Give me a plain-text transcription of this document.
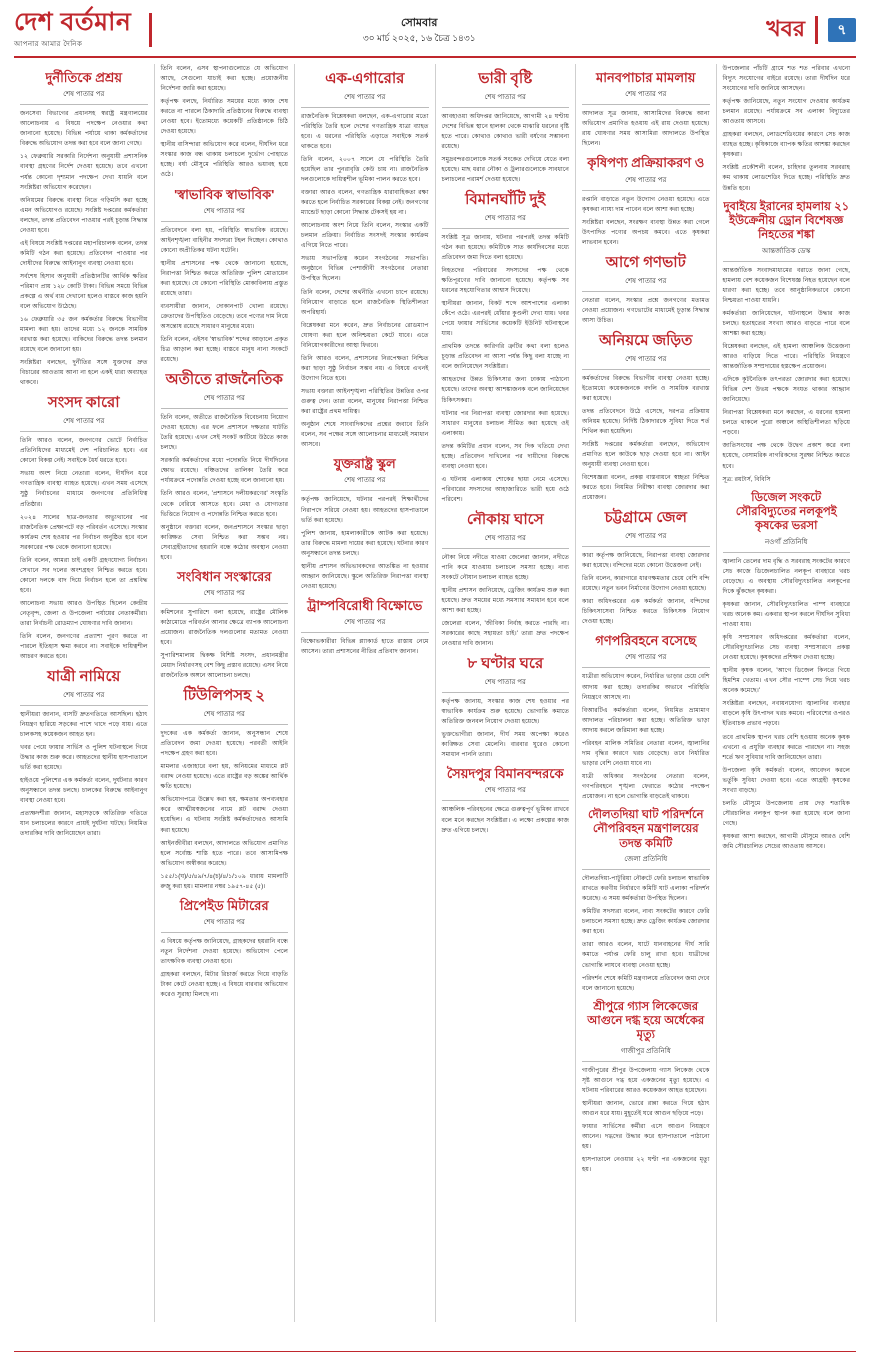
দেশ বর্তমান
আপনার আমার দৈনিক
সোমবার
৩০ মার্চ ২০২৫, ১৬ চৈত্র ১৪৩১	খবর	৭
দুর্নীতিকে প্রশ্রয়
শেষ পাতার পর

জনসেবা বিভাগের প্রধানসহ স্বরাষ্ট্র মন্ত্রণালয়ের আলোচনায় এ বিষয়ে পদক্ষেপ নেওয়ার কথা জানানো হয়েছে। বিভিন্ন পর্যায়ে থাকা কর্মকর্তাদের বিরুদ্ধে অভিযোগ তদন্ত করা হবে বলে জানা গেছে।

১২ ফেব্রুয়ারি সরকারি নির্দেশনা অনুযায়ী প্রশাসনিক ব্যবস্থা গ্রহণের নির্দেশ দেওয়া হয়েছে। তবে এখনো পর্যন্ত কোনো দৃশ্যমান পদক্ষেপ দেখা যায়নি বলে সংশ্লিষ্টরা অভিযোগ করেছেন।

অনিয়মের বিরুদ্ধে ব্যবস্থা নিতে গড়িমসি করা হচ্ছে এমন অভিযোগও রয়েছে। সংশ্লিষ্ট দপ্তরের কর্মকর্তারা বলছেন, তদন্ত প্রতিবেদন পাওয়ার পরই চূড়ান্ত সিদ্ধান্ত নেওয়া হবে।

এই বিষয়ে সংশ্লিষ্ট দপ্তরের মহাপরিচালক বলেন, তদন্ত কমিটি গঠন করা হয়েছে। প্রতিবেদন পাওয়ার পর দোষীদের বিরুদ্ধে আইনানুগ ব্যবস্থা নেওয়া হবে।

সর্বশেষ হিসাব অনুযায়ী প্রতিষ্ঠানটির আর্থিক ক্ষতির পরিমাণ প্রায় ১২৮ কোটি টাকা। বিভিন্ন সময়ে বিভিন্ন প্রকল্পে এ অর্থ ব্যয় দেখানো হলেও বাস্তবে কাজ হয়নি বলে অভিযোগ উঠেছে।

১৬ ফেব্রুয়ারি ৩৫ জন কর্মকর্তার বিরুদ্ধে বিভাগীয় মামলা করা হয়। তাদের মধ্যে ১২ জনকে সাময়িক বরখাস্ত করা হয়েছে। বাকিদের বিরুদ্ধে তদন্ত চলমান রয়েছে বলে জানানো হয়।

সংশ্লিষ্টরা বলছেন, দুর্নীতির সঙ্গে যুক্তদের দ্রুত বিচারের আওতায় আনা না হলে একই ধারা অব্যাহত থাকবে।

সংসদ কারো
শেষ পাতার পর

তিনি আরও বলেন, জনগণের ভোটে নির্বাচিত প্রতিনিধিদের মাধ্যমেই দেশ পরিচালিত হবে। এর কোনো বিকল্প নেই। সবাইকে ধৈর্য ধরতে হবে।

সভায় অংশ নিয়ে নেতারা বলেন, দীর্ঘদিন ধরে গণতান্ত্রিক ব্যবস্থা ব্যাহত হয়েছে। এখন সময় এসেছে সুষ্ঠু নির্বাচনের মাধ্যমে জনগণের প্রতিনিধিত্ব প্রতিষ্ঠার।

২০২৪ সালের ছাত্র-জনতার অভ্যুত্থানের পর রাজনৈতিক প্রেক্ষাপটে বড় পরিবর্তন এসেছে। সংস্কার কার্যক্রম শেষ হওয়ার পর নির্বাচন অনুষ্ঠিত হবে বলে সরকারের পক্ষ থেকে জানানো হয়েছে।

তিনি বলেন, আমরা চাই একটি গ্রহণযোগ্য নির্বাচন। সেখানে সব দলের অংশগ্রহণ নিশ্চিত করতে হবে। কোনো দলকে বাদ দিয়ে নির্বাচন হলে তা প্রশ্নবিদ্ধ হবে।

আলোচনা সভায় আরও উপস্থিত ছিলেন কেন্দ্রীয় নেতৃবৃন্দ, জেলা ও উপজেলা পর্যায়ের নেতাকর্মীরা। তারা নির্বাচনী রোডম্যাপ ঘোষণার দাবি জানান।

তিনি বলেন, জনগণের প্রত্যাশা পূরণ করতে না পারলে ইতিহাস ক্ষমা করবে না। সবাইকে দায়িত্বশীল আচরণ করতে হবে।

যাত্রী নামিয়ে
শেষ পাতার পর

স্থানীয়রা জানান, বাসটি দ্রুতগতিতে আসছিল। হঠাৎ নিয়ন্ত্রণ হারিয়ে সড়কের পাশে খাদে পড়ে যায়। এতে চালকসহ কয়েকজন আহত হন।

খবর পেয়ে ফায়ার সার্ভিস ও পুলিশ ঘটনাস্থলে গিয়ে উদ্ধার কাজ শুরু করে। আহতদের স্থানীয় হাসপাতালে ভর্তি করা হয়েছে।

হাইওয়ে পুলিশের এক কর্মকর্তা বলেন, দুর্ঘটনার কারণ অনুসন্ধানে তদন্ত চলছে। চালকের বিরুদ্ধে আইনানুগ ব্যবস্থা নেওয়া হবে।

প্রত্যক্ষদর্শীরা জানান, মহাসড়কে অতিরিক্ত গতিতে যান চলাচলের কারণে প্রায়ই দুর্ঘটনা ঘটছে। নিয়মিত তদারকির দাবি জানিয়েছেন তারা।

তিনি বলেন, এসব স্থাপনাগুলোতে যে অভিযোগ আছে, সেগুলো যাচাই করা হচ্ছে। প্রয়োজনীয় নির্দেশনা জারি করা হয়েছে।

কর্তৃপক্ষ বলছে, নির্ধারিত সময়ের মধ্যে কাজ শেষ করতে না পারলে ঠিকাদারি প্রতিষ্ঠানের বিরুদ্ধে ব্যবস্থা নেওয়া হবে। ইতোমধ্যে কয়েকটি প্রতিষ্ঠানকে চিঠি দেওয়া হয়েছে।

স্থানীয় বাসিন্দারা অভিযোগ করে বলেন, দীর্ঘদিন ধরে সংস্কার কাজ বন্ধ থাকায় চলাচলে দুর্ভোগ পোহাতে হচ্ছে। বর্ষা মৌসুমে পরিস্থিতি আরও ভয়াবহ হয়ে ওঠে।

'স্বাভাবিক স্বাভাবিক'
শেষ পাতার পর

প্রতিবেদনে বলা হয়, পরিস্থিতি স্বাভাবিক রয়েছে। আইনশৃঙ্খলা বাহিনীর সদস্যরা টহল দিচ্ছেন। কোথাও কোনো অপ্রীতিকর ঘটনা ঘটেনি।

স্থানীয় প্রশাসনের পক্ষ থেকে জানানো হয়েছে, নিরাপত্তা নিশ্চিত করতে অতিরিক্ত পুলিশ মোতায়েন করা হয়েছে। যে কোনো পরিস্থিতি মোকাবিলায় প্রস্তুত রয়েছে তারা।

ব্যবসায়ীরা জানান, দোকানপাট খোলা রয়েছে। ক্রেতাদের উপস্থিতিও বেড়েছে। তবে পণ্যের দাম নিয়ে অসন্তোষ রয়েছে সাধারণ মানুষের মধ্যে।

তিনি বলেন, এইসব 'স্বাভাবিক' শব্দের আড়ালে প্রকৃত চিত্র আড়াল করা হচ্ছে। বাস্তবে মানুষ নানা সংকটে রয়েছে।

অতীতে রাজনৈতিক
শেষ পাতার পর

তিনি বলেন, অতীতে রাজনৈতিক বিবেচনায় নিয়োগ দেওয়া হয়েছে। এর ফলে প্রশাসনে দক্ষতার ঘাটতি তৈরি হয়েছে। এখন সেই সংকট কাটিয়ে উঠতে কাজ চলছে।

সরকারি কর্মকর্তাদের মধ্যে পদোন্নতি নিয়ে দীর্ঘদিনের ক্ষোভ রয়েছে। বঞ্চিতদের তালিকা তৈরি করে পর্যায়ক্রমে পদোন্নতি দেওয়া হচ্ছে বলে জানানো হয়।

তিনি আরও বলেন, 'প্রশাসনে দলীয়করণের' সংস্কৃতি থেকে বেরিয়ে আসতে হবে। মেধা ও যোগ্যতার ভিত্তিতে নিয়োগ ও পদোন্নতি নিশ্চিত করতে হবে।

অনুষ্ঠানে বক্তারা বলেন, জনপ্রশাসনে সংস্কার ছাড়া কাঙ্ক্ষিত সেবা নিশ্চিত করা সম্ভব নয়। সেবাগ্রহীতাদের হয়রানি বন্ধে কঠোর অবস্থান নেওয়া হবে।

সংবিধান সংস্কারের
শেষ পাতার পর

কমিশনের সুপারিশে বলা হয়েছে, রাষ্ট্রের মৌলিক কাঠামোতে পরিবর্তন আনার ক্ষেত্রে ব্যাপক আলোচনা প্রয়োজন। রাজনৈতিক দলগুলোর মতামত নেওয়া হবে।

সুপারিশমালায় দ্বিকক্ষ বিশিষ্ট সংসদ, প্রধানমন্ত্রীর মেয়াদ নির্ধারণসহ বেশ কিছু প্রস্তাব রয়েছে। এসব নিয়ে রাজনৈতিক অঙ্গনে আলোচনা চলছে।

টিউলিপসহ ২
শেষ পাতার পর

দুদকের এক কর্মকর্তা জানান, অনুসন্ধান শেষে প্রতিবেদন জমা দেওয়া হয়েছে। পরবর্তী আইনি পদক্ষেপ গ্রহণ করা হবে।

মামলার এজাহারে বলা হয়, অনিয়মের মাধ্যমে প্লট বরাদ্দ নেওয়া হয়েছে। এতে রাষ্ট্রের বড় অঙ্কের আর্থিক ক্ষতি হয়েছে।

অভিযোগপত্রে উল্লেখ করা হয়, ক্ষমতার অপব্যবহার করে আত্মীয়স্বজনের নামে প্লট বরাদ্দ দেওয়া হয়েছিল। এ ঘটনায় সংশ্লিষ্ট কর্মকর্তাদেরও আসামি করা হয়েছে।

আইনজীবীরা বলছেন, আদালতে অভিযোগ প্রমাণিত হলে সর্বোচ্চ শাস্তি হতে পারে। তবে আসামিপক্ষ অভিযোগ অস্বীকার করেছে।

১৫৫/১(ঘ)/৫/৪৯/৭/৪(চ)/৪/১/১০৯ ধারায় মামলাটি রুজু করা হয়। মামলার নম্বর ১৯৫৭-৪৫ (৫)।

প্রিপেইড মিটারের
শেষ পাতার পর

এ বিষয়ে কর্তৃপক্ষ জানিয়েছে, গ্রাহকদের হয়রানি বন্ধে নতুন নির্দেশনা দেওয়া হয়েছে। অভিযোগ পেলে তাৎক্ষণিক ব্যবস্থা নেওয়া হবে।

গ্রাহকরা বলছেন, মিটার রিচার্জ করতে গিয়ে বাড়তি টাকা কেটে নেওয়া হচ্ছে। এ বিষয়ে বারবার অভিযোগ করেও সুরাহা মিলছে না।

এক-এগারোর
শেষ পাতার পর

রাজনৈতিক বিশ্লেষকরা বলছেন, এক-এগারোর মতো পরিস্থিতি তৈরি হলে দেশের গণতান্ত্রিক যাত্রা ব্যাহত হবে। এ ধরনের পরিস্থিতি এড়াতে সবাইকে সতর্ক থাকতে হবে।

তিনি বলেন, ২০০৭ সালে যে পরিস্থিতি তৈরি হয়েছিল তার পুনরাবৃত্তি কেউ চায় না। রাজনৈতিক দলগুলোকে দায়িত্বশীল ভূমিকা পালন করতে হবে।

বক্তারা আরও বলেন, গণতান্ত্রিক ধারাবাহিকতা রক্ষা করতে হলে নির্বাচিত সরকারের বিকল্প নেই। জনগণের ম্যান্ডেট ছাড়া কোনো সিদ্ধান্ত টেকসই হয় না।

আলোচনায় অংশ নিয়ে তিনি বলেন, সংস্কার একটি চলমান প্রক্রিয়া। নির্বাচিত সংসদই সংস্কার কার্যক্রম এগিয়ে নিতে পারে।

সভায় সভাপতিত্ব করেন সংগঠনের সভাপতি। অনুষ্ঠানে বিভিন্ন পেশাজীবী সংগঠনের নেতারা উপস্থিত ছিলেন।

তিনি বলেন, দেশের অর্থনীতি এখনো চাপে রয়েছে। বিনিয়োগ বাড়াতে হলে রাজনৈতিক স্থিতিশীলতা অপরিহার্য।

বিশ্লেষকরা মনে করেন, দ্রুত নির্বাচনের রোডম্যাপ ঘোষণা করা হলে অনিশ্চয়তা কেটে যাবে। এতে বিনিয়োগকারীদের আস্থা ফিরবে।

তিনি আরও বলেন, প্রশাসনের নিরপেক্ষতা নিশ্চিত করা ছাড়া সুষ্ঠু নির্বাচন সম্ভব নয়। এ বিষয়ে এখনই উদ্যোগ নিতে হবে।

সভায় বক্তারা আইনশৃঙ্খলা পরিস্থিতির উন্নতির ওপর গুরুত্ব দেন। তারা বলেন, মানুষের নিরাপত্তা নিশ্চিত করা রাষ্ট্রের প্রথম দায়িত্ব।

অনুষ্ঠান শেষে সাংবাদিকদের প্রশ্নের জবাবে তিনি বলেন, সব পক্ষের সঙ্গে আলোচনার মাধ্যমেই সমাধান আসবে।

যুক্তরাষ্ট্র স্কুল
শেষ পাতার পর

কর্তৃপক্ষ জানিয়েছে, ঘটনার পরপরই শিক্ষার্থীদের নিরাপদে সরিয়ে নেওয়া হয়। আহতদের হাসপাতালে ভর্তি করা হয়েছে।

পুলিশ জানায়, হামলাকারীকে আটক করা হয়েছে। তার বিরুদ্ধে মামলা দায়ের করা হয়েছে। ঘটনার কারণ অনুসন্ধানে তদন্ত চলছে।

স্থানীয় প্রশাসন অভিভাবকদের আতঙ্কিত না হওয়ার আহ্বান জানিয়েছে। স্কুলে অতিরিক্ত নিরাপত্তা ব্যবস্থা নেওয়া হয়েছে।

ট্রাম্পবিরোধী বিক্ষোভে
শেষ পাতার পর

বিক্ষোভকারীরা বিভিন্ন প্ল্যাকার্ড হাতে রাস্তায় নেমে আসেন। তারা প্রশাসনের নীতির প্রতিবাদ জানান।

ভারী বৃষ্টি
শেষ পাতার পর

আবহাওয়া অধিদপ্তর জানিয়েছে, আগামী ২৪ ঘণ্টায় দেশের বিভিন্ন স্থানে হালকা থেকে মাঝারি ধরনের বৃষ্টি হতে পারে। কোথাও কোথাও ভারী বর্ষণের সম্ভাবনা রয়েছে।

সমুদ্রবন্দরগুলোকে সতর্ক সংকেত দেখিয়ে যেতে বলা হয়েছে। মাছ ধরার নৌকা ও ট্রলারগুলোকে সাবধানে চলাচলের পরামর্শ দেওয়া হয়েছে।

বিমানঘাঁটি দুই
শেষ পাতার পর

সংশ্লিষ্ট সূত্র জানায়, ঘটনার পরপরই তদন্ত কমিটি গঠন করা হয়েছে। কমিটিকে সাত কার্যদিবসের মধ্যে প্রতিবেদন জমা দিতে বলা হয়েছে।

নিহতদের পরিবারের সদস্যদের পক্ষ থেকে ক্ষতিপূরণের দাবি জানানো হয়েছে। কর্তৃপক্ষ সব ধরনের সহযোগিতার আশ্বাস দিয়েছে।

স্থানীয়রা জানান, বিকট শব্দে আশপাশের এলাকা কেঁপে ওঠে। এরপরই ধোঁয়ার কুণ্ডলী দেখা যায়। খবর পেয়ে ফায়ার সার্ভিসের কয়েকটি ইউনিট ঘটনাস্থলে যায়।

প্রাথমিক তদন্তে কারিগরি ত্রুটির কথা বলা হলেও চূড়ান্ত প্রতিবেদন না আসা পর্যন্ত কিছু বলা যাচ্ছে না বলে জানিয়েছেন সংশ্লিষ্টরা।

আহতদের উন্নত চিকিৎসার জন্য ঢাকায় পাঠানো হয়েছে। তাদের অবস্থা আশঙ্কাজনক বলে জানিয়েছেন চিকিৎসকরা।

ঘটনার পর নিরাপত্তা ব্যবস্থা জোরদার করা হয়েছে। সাধারণ মানুষের চলাচল সীমিত করা হয়েছে ওই এলাকায়।

তদন্ত কমিটির প্রধান বলেন, সব দিক খতিয়ে দেখা হচ্ছে। প্রতিবেদন দাখিলের পর দায়ীদের বিরুদ্ধে ব্যবস্থা নেওয়া হবে।

এ ঘটনায় এলাকায় শোকের ছায়া নেমে এসেছে। পরিবারের সদস্যদের আহাজারিতে ভারী হয়ে ওঠে পরিবেশ।

নৌকায় ঘাসে
শেষ পাতার পর

নৌকা নিয়ে নদীতে যাওয়া জেলেরা জানান, নদীতে পানি কমে যাওয়ায় চলাচলে সমস্যা হচ্ছে। নাব্য সংকটে নৌযান চলাচল ব্যাহত হচ্ছে।

স্থানীয় প্রশাসন জানিয়েছে, ড্রেজিং কার্যক্রম শুরু করা হয়েছে। দ্রুত সময়ের মধ্যে সমস্যার সমাধান হবে বলে আশা করা হচ্ছে।

জেলেরা বলেন, 'জীবিকা নির্বাহ করতে পারছি না। সরকারের কাছে সহায়তা চাই।' তারা দ্রুত পদক্ষেপ নেওয়ার দাবি জানান।

৮ ঘণ্টার ঘরে
শেষ পাতার পর

কর্তৃপক্ষ জানায়, সংস্কার কাজ শেষ হওয়ার পর স্বাভাবিক কার্যক্রম শুরু হয়েছে। ভোগান্তি কমাতে অতিরিক্ত জনবল নিয়োগ দেওয়া হয়েছে।

ভুক্তভোগীরা জানান, দীর্ঘ সময় অপেক্ষা করেও কাঙ্ক্ষিত সেবা মেলেনি। বারবার ঘুরেও কোনো সমাধান পাননি তারা।

সৈয়দপুর বিমানবন্দরকে
শেষ পাতার পর

আঞ্চলিক পরিবহনের ক্ষেত্রে গুরুত্বপূর্ণ ভূমিকা রাখবে বলে মনে করছেন সংশ্লিষ্টরা। এ লক্ষ্যে প্রকল্পের কাজ দ্রুত এগিয়ে চলছে।

মানবপাচার মামলায়
শেষ পাতার পর

আদালত সূত্র জানায়, আসামিদের বিরুদ্ধে আনা অভিযোগ প্রমাণিত হওয়ায় এই রায় দেওয়া হয়েছে। রায় ঘোষণার সময় আসামিরা আদালতে উপস্থিত ছিলেন।

কৃষিপণ্য প্রক্রিয়াকরণ ও
শেষ পাতার পর

রপ্তানি বাড়াতে নতুন উদ্যোগ নেওয়া হয়েছে। এতে কৃষকরা ন্যায্য দাম পাবেন বলে আশা করা হচ্ছে।

সংশ্লিষ্টরা বলছেন, সংরক্ষণ ব্যবস্থা উন্নত করা গেলে উৎপাদিত পণ্যের অপচয় কমবে। এতে কৃষকরা লাভবান হবেন।

আগে গণভাট
শেষ পাতার পর

নেতারা বলেন, সংস্কার প্রশ্নে জনগণের মতামত নেওয়া প্রয়োজন। গণভোটের মাধ্যমেই চূড়ান্ত সিদ্ধান্ত আসা উচিত।

অনিয়মে জড়িত
শেষ পাতার পর

কর্মকর্তাদের বিরুদ্ধে বিভাগীয় ব্যবস্থা নেওয়া হচ্ছে। ইতোমধ্যে কয়েকজনকে বদলি ও সাময়িক বরখাস্ত করা হয়েছে।

তদন্ত প্রতিবেদনে উঠে এসেছে, দরপত্র প্রক্রিয়ায় অনিয়ম হয়েছে। নির্দিষ্ট ঠিকাদারকে সুবিধা দিতে শর্ত শিথিল করা হয়েছিল।

সংশ্লিষ্ট দপ্তরের কর্মকর্তারা বলছেন, অভিযোগ প্রমাণিত হলে কাউকে ছাড় দেওয়া হবে না। আইন অনুযায়ী ব্যবস্থা নেওয়া হবে।

বিশেষজ্ঞরা বলেন, প্রকল্প বাস্তবায়নে স্বচ্ছতা নিশ্চিত করতে হবে। নিয়মিত নিরীক্ষা ব্যবস্থা জোরদার করা প্রয়োজন।

চট্টগ্রামে জেল
শেষ পাতার পর

কারা কর্তৃপক্ষ জানিয়েছে, নিরাপত্তা ব্যবস্থা জোরদার করা হয়েছে। বন্দিদের মধ্যে কোনো উত্তেজনা নেই।

তিনি বলেন, কারাগারে ধারণক্ষমতার চেয়ে বেশি বন্দি রয়েছে। নতুন ভবন নির্মাণের উদ্যোগ নেওয়া হয়েছে।

কারা অধিদপ্তরের এক কর্মকর্তা জানান, বন্দিদের চিকিৎসাসেবা নিশ্চিত করতে চিকিৎসক নিয়োগ দেওয়া হচ্ছে।

গণপরিবহনে বসেছে
শেষ পাতার পর

যাত্রীরা অভিযোগ করেন, নির্ধারিত ভাড়ার চেয়ে বেশি আদায় করা হচ্ছে। তদারকির অভাবে পরিস্থিতি নিয়ন্ত্রণে আসছে না।

বিআরটিএ কর্মকর্তারা বলেন, নিয়মিত ভ্রাম্যমাণ আদালত পরিচালনা করা হচ্ছে। অতিরিক্ত ভাড়া আদায় করলে জরিমানা করা হচ্ছে।

পরিবহন মালিক সমিতির নেতারা বলেন, জ্বালানির দাম বৃদ্ধির কারণে খরচ বেড়েছে। তবে নির্ধারিত ভাড়ার বেশি নেওয়া যাবে না।

যাত্রী অধিকার সংগঠনের নেতারা বলেন, গণপরিবহনে শৃঙ্খলা ফেরাতে কঠোর পদক্ষেপ প্রয়োজন। না হলে ভোগান্তি বাড়তেই থাকবে।

দৌলতদিয়া ঘাট পরিদর্শনে নৌপরিবহন মন্ত্রণালয়ের তদন্ত কমিটি
জেলা প্রতিনিধি

দৌলতদিয়া-পাটুরিয়া নৌরুটে ফেরি চলাচল স্বাভাবিক রাখতে করণীয় নির্ধারণে কমিটি ঘাট এলাকা পরিদর্শন করেছে। এ সময় কর্মকর্তারা উপস্থিত ছিলেন।

কমিটির সদস্যরা বলেন, নাব্য সংকটের কারণে ফেরি চলাচলে সমস্যা হচ্ছে। দ্রুত ড্রেজিং কার্যক্রম জোরদার করা হবে।

তারা আরও বলেন, ঘাটে যানবাহনের দীর্ঘ সারি কমাতে পর্যাপ্ত ফেরি চালু রাখা হবে। যাত্রীদের ভোগান্তি লাঘবে ব্যবস্থা নেওয়া হচ্ছে।

পরিদর্শন শেষে কমিটি মন্ত্রণালয়ে প্রতিবেদন জমা দেবে বলে জানানো হয়েছে।

শ্রীপুরে গ্যাস লিকেজের আগুনে দগ্ধ হয়ে অর্ধেকের মৃত্যু
গাজীপুর প্রতিনিধি

গাজীপুরের শ্রীপুর উপজেলায় গ্যাস লিকেজ থেকে সৃষ্ট আগুনে দগ্ধ হয়ে একজনের মৃত্যু হয়েছে। এ ঘটনায় পরিবারের আরও কয়েকজন আহত হয়েছেন।

স্থানীয়রা জানান, ভোরে রান্না করতে গিয়ে হঠাৎ আগুন ধরে যায়। মুহূর্তেই ঘরে আগুন ছড়িয়ে পড়ে।

ফায়ার সার্ভিসের কর্মীরা এসে আগুন নিয়ন্ত্রণে আনেন। দগ্ধদের উদ্ধার করে হাসপাতালে পাঠানো হয়।

হাসপাতালে নেওয়ার ২২ ঘণ্টা পর একজনের মৃত্যু হয়।

উপজেলার পাঁচটি গ্রামে শত শত পরিবার এখনো বিদ্যুৎ সংযোগের বাইরে রয়েছে। তারা দীর্ঘদিন ধরে সংযোগের দাবি জানিয়ে আসছেন।

কর্তৃপক্ষ জানিয়েছে, নতুন সংযোগ দেওয়ার কার্যক্রম চলমান রয়েছে। পর্যায়ক্রমে সব এলাকা বিদ্যুতের আওতায় আসবে।

গ্রাহকরা বলছেন, লোডশেডিংয়ের কারণে সেচ কাজ ব্যাহত হচ্ছে। কৃষিকাজে ব্যাপক ক্ষতির আশঙ্কা করছেন কৃষকরা।

সংশ্লিষ্ট প্রকৌশলী বলেন, চাহিদার তুলনায় সরবরাহ কম থাকায় লোডশেডিং দিতে হচ্ছে। পরিস্থিতি দ্রুত উন্নতি হবে।

দুবাইয়ে ইরানের হামলায় ২১ ইউক্রেনীয় ড্রোন বিশেষজ্ঞ নিহতের শঙ্কা
আন্তর্জাতিক ডেস্ক

আন্তর্জাতিক সংবাদমাধ্যমের বরাতে জানা গেছে, হামলায় বেশ কয়েকজন বিশেষজ্ঞ নিহত হয়েছেন বলে ধারণা করা হচ্ছে। তবে আনুষ্ঠানিকভাবে কোনো নিশ্চয়তা পাওয়া যায়নি।

কর্মকর্তারা জানিয়েছেন, ঘটনাস্থলে উদ্ধার কাজ চলছে। হতাহতের সংখ্যা আরও বাড়তে পারে বলে আশঙ্কা করা হচ্ছে।

বিশ্লেষকরা বলছেন, এই হামলা আঞ্চলিক উত্তেজনা আরও বাড়িয়ে দিতে পারে। পরিস্থিতি নিয়ন্ত্রণে আন্তর্জাতিক সম্প্রদায়ের হস্তক্ষেপ প্রয়োজন।

এদিকে কূটনৈতিক তৎপরতা জোরদার করা হয়েছে। বিভিন্ন দেশ উভয় পক্ষকে সংযত থাকার আহ্বান জানিয়েছে।

নিরাপত্তা বিশ্লেষকরা মনে করছেন, এ ধরনের হামলা চলতে থাকলে পুরো অঞ্চলে অস্থিতিশীলতা ছড়িয়ে পড়বে।

জাতিসংঘের পক্ষ থেকে উদ্বেগ প্রকাশ করে বলা হয়েছে, বেসামরিক নাগরিকদের সুরক্ষা নিশ্চিত করতে হবে।

সূত্র: রয়টার্স, বিবিসি

ডিজেল সংকটে সৌরবিদ্যুতের নলকূপই কৃষকের ভরসা
নওগাঁ প্রতিনিধি

জ্বালানি তেলের দাম বৃদ্ধি ও সরবরাহ সংকটের কারণে সেচ কাজে ডিজেলচালিত নলকূপ ব্যবহারে খরচ বেড়েছে। এ অবস্থায় সৌরবিদ্যুৎচালিত নলকূপের দিকে ঝুঁকছেন কৃষকরা।

কৃষকরা জানান, সৌরবিদ্যুৎচালিত পাম্প ব্যবহারে খরচ অনেক কম। একবার স্থাপন করলে দীর্ঘদিন সুবিধা পাওয়া যায়।

কৃষি সম্প্রসারণ অধিদপ্তরের কর্মকর্তারা বলেন, সৌরবিদ্যুৎচালিত সেচ ব্যবস্থা সম্প্রসারণে প্রকল্প নেওয়া হয়েছে। কৃষকদের প্রশিক্ষণ দেওয়া হচ্ছে।

স্থানীয় কৃষক বলেন, 'আগে ডিজেল কিনতে গিয়ে হিমশিম খেতাম। এখন সৌর পাম্পে সেচ দিয়ে খরচ অনেক কমেছে।'

সংশ্লিষ্টরা বলছেন, নবায়নযোগ্য জ্বালানির ব্যবহার বাড়লে কৃষি উৎপাদন খরচ কমবে। পরিবেশের ওপরও ইতিবাচক প্রভাব পড়বে।

তবে প্রাথমিক স্থাপন খরচ বেশি হওয়ায় অনেক কৃষক এখনো এ প্রযুক্তি ব্যবহার করতে পারছেন না। সহজ শর্তে ঋণ সুবিধার দাবি জানিয়েছেন তারা।

উপজেলা কৃষি কর্মকর্তা বলেন, আবেদন করলে ভর্তুকি সুবিধা দেওয়া হবে। এতে আগ্রহী কৃষকের সংখ্যা বাড়ছে।

চলতি মৌসুমে উপজেলায় প্রায় দেড় শতাধিক সৌরচালিত নলকূপ স্থাপন করা হয়েছে বলে জানা গেছে।

কৃষকরা আশা করছেন, আগামী মৌসুমে আরও বেশি জমি সৌরচালিত সেচের আওতায় আসবে।
